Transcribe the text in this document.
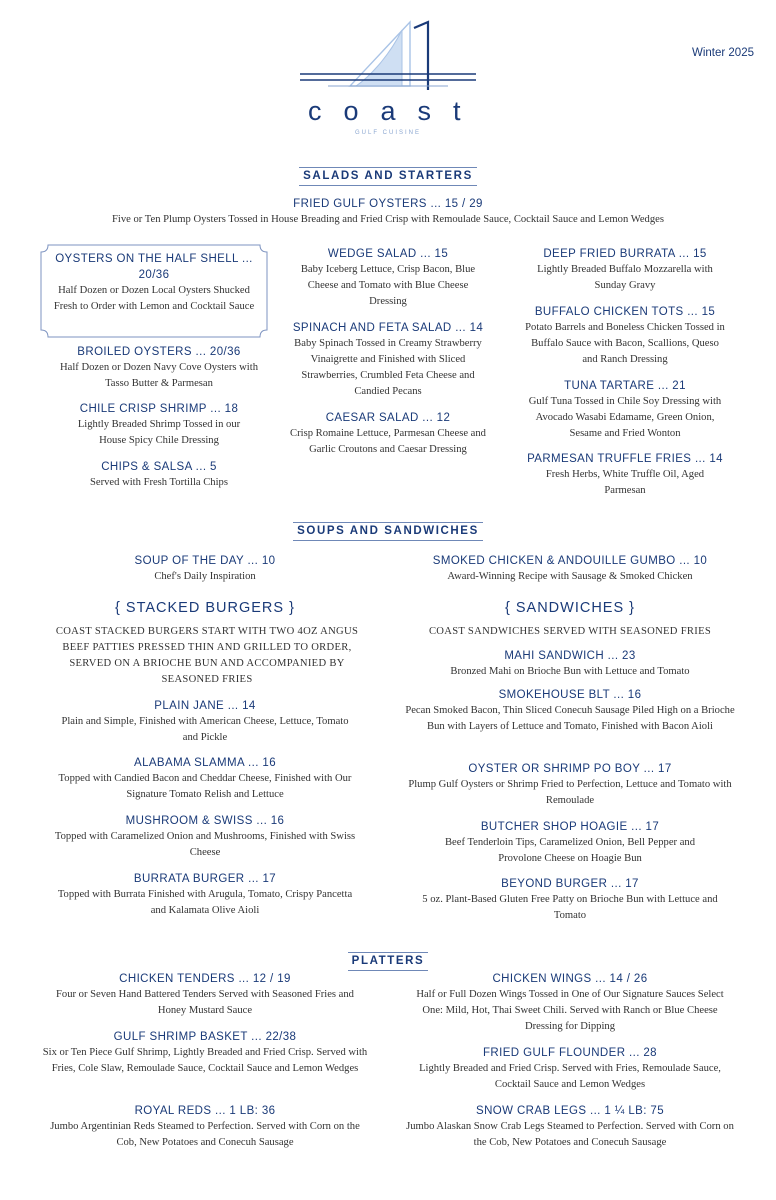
Winter 2025
coast
GULF CUISINE
SALADS AND STARTERS
FRIED GULF OYSTERS ... 15 / 29
Five or Ten Plump Oysters Tossed in House Breading and Fried Crisp with Remoulade Sauce, Cocktail Sauce and Lemon Wedges
OYSTERS ON THE HALF SHELL ... 20/36
Half Dozen or Dozen Local Oysters Shucked Fresh to Order with Lemon and Cocktail Sauce
BROILED OYSTERS ... 20/36
Half Dozen or Dozen Navy Cove Oysters with Tasso Butter & Parmesan
CHILE CRISP SHRIMP ... 18
Lightly Breaded Shrimp Tossed in our House Spicy Chile Dressing
CHIPS & SALSA ... 5
Served with Fresh Tortilla Chips
WEDGE SALAD ... 15
Baby Iceberg Lettuce, Crisp Bacon, Blue Cheese and Tomato with Blue Cheese Dressing
SPINACH AND FETA SALAD ... 14
Baby Spinach Tossed in Creamy Strawberry Vinaigrette and Finished with Sliced Strawberries, Crumbled Feta Cheese and Candied Pecans
CAESAR SALAD ... 12
Crisp Romaine Lettuce, Parmesan Cheese and Garlic Croutons and Caesar Dressing
DEEP FRIED BURRATA ... 15
Lightly Breaded Buffalo Mozzarella with Sunday Gravy
BUFFALO CHICKEN TOTS ... 15
Potato Barrels and Boneless Chicken Tossed in Buffalo Sauce with Bacon, Scallions, Queso and Ranch Dressing
TUNA TARTARE ... 21
Gulf Tuna Tossed in Chile Soy Dressing with Avocado Wasabi Edamame, Green Onion, Sesame and Fried Wonton
PARMESAN TRUFFLE FRIES ... 14
Fresh Herbs, White Truffle Oil, Aged Parmesan
SOUPS AND SANDWICHES
SOUP OF THE DAY ... 10
Chef's Daily Inspiration
SMOKED CHICKEN & ANDOUILLE GUMBO ... 10
Award-Winning Recipe with Sausage & Smoked Chicken
{ STACKED BURGERS }
COAST STACKED BURGERS START WITH TWO 4OZ ANGUS BEEF PATTIES PRESSED THIN AND GRILLED TO ORDER, SERVED ON A BRIOCHE BUN AND ACCOMPANIED BY SEASONED FRIES
PLAIN JANE ... 14
Plain and Simple, Finished with American Cheese, Lettuce, Tomato and Pickle
ALABAMA SLAMMA ... 16
Topped with Candied Bacon and Cheddar Cheese, Finished with Our Signature Tomato Relish and Lettuce
MUSHROOM & SWISS ... 16
Topped with Caramelized Onion and Mushrooms, Finished with Swiss Cheese
BURRATA BURGER ... 17
Topped with Burrata Finished with Arugula, Tomato, Crispy Pancetta and Kalamata Olive Aioli
{ SANDWICHES }
COAST SANDWICHES SERVED WITH SEASONED FRIES
MAHI SANDWICH ... 23
Bronzed Mahi on Brioche Bun with Lettuce and Tomato
SMOKEHOUSE BLT ... 16
Pecan Smoked Bacon, Thin Sliced Conecuh Sausage Piled High on a Brioche Bun with Layers of Lettuce and Tomato, Finished with Bacon Aioli
OYSTER OR SHRIMP PO BOY ... 17
Plump Gulf Oysters or Shrimp Fried to Perfection, Lettuce and Tomato with Remoulade
BUTCHER SHOP HOAGIE ... 17
Beef Tenderloin Tips, Caramelized Onion, Bell Pepper and Provolone Cheese on Hoagie Bun
BEYOND BURGER ... 17
5 oz. Plant-Based Gluten Free Patty on Brioche Bun with Lettuce and Tomato
PLATTERS
CHICKEN TENDERS ... 12 / 19
Four or Seven Hand Battered Tenders Served with Seasoned Fries and Honey Mustard Sauce
GULF SHRIMP BASKET ... 22/38
Six or Ten Piece Gulf Shrimp, Lightly Breaded and Fried Crisp. Served with Fries, Cole Slaw, Remoulade Sauce, Cocktail Sauce and Lemon Wedges
ROYAL REDS ... 1 LB: 36
Jumbo Argentinian Reds Steamed to Perfection. Served with Corn on the Cob, New Potatoes and Conecuh Sausage
CHICKEN WINGS ... 14 / 26
Half or Full Dozen Wings Tossed in One of Our Signature Sauces Select One: Mild, Hot, Thai Sweet Chili. Served with Ranch or Blue Cheese Dressing for Dipping
FRIED GULF FLOUNDER ... 28
Lightly Breaded and Fried Crisp. Served with Fries, Remoulade Sauce, Cocktail Sauce and Lemon Wedges
SNOW CRAB LEGS ... 1 ¼ LB: 75
Jumbo Alaskan Snow Crab Legs Steamed to Perfection. Served with Corn on the Cob, New Potatoes and Conecuh Sausage
